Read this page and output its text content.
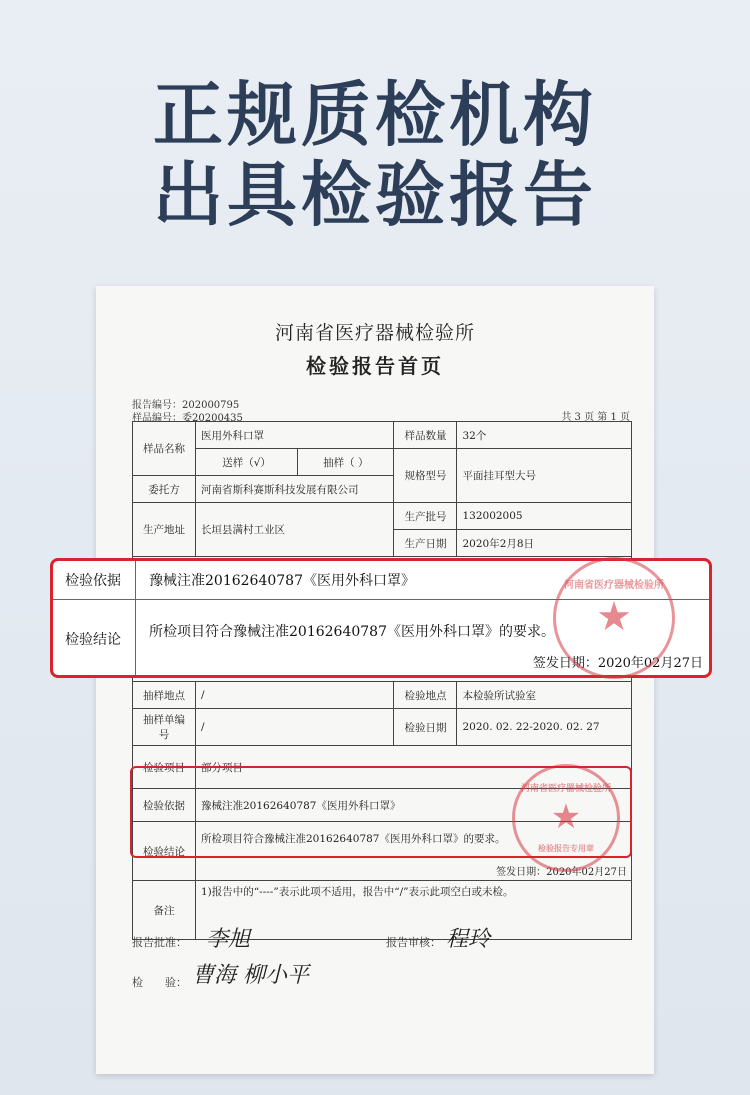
正规质检机构
出具检验报告
河南省医疗器械检验所
检验报告首页
报告编号：202000795
样品编号：委20200435	共 3 页 第 1 页
样品名称	医用外科口罩		样品数量	32个
	送样（√）	抽样（ ）	规格型号	平面挂耳型大号
委托方	河南省斯科赛斯科技发展有限公司			
生产地址	长垣县满村工业区		生产批号	132002005
			生产日期	2020年2月8日

抽样地点	/		检验地点	本检验所试验室
抽样单编号	/		检验日期	2020. 02. 22-2020. 02. 27
检验项目	部分项目			
检验依据	豫械注准20162640787《医用外科口罩》			
检验结论	所检项目符合豫械注准20162640787《医用外科口罩》的要求。
签发日期：2020年02月27日			

备注	1)报告中的“----”表示此项不适用，报告中“/”表示此项空白或未检。			
河南省医疗器械检验所
★
检验报告专用章
报告批准： 李旭	报告审核： 程玲
检　　验： 曹海 柳小平
检验依据 豫械注准20162640787《医用外科口罩》
检验结论 所检项目符合豫械注准20162640787《医用外科口罩》的要求。
签发日期：2020年02月27日
河南省医疗器械检验所
★
